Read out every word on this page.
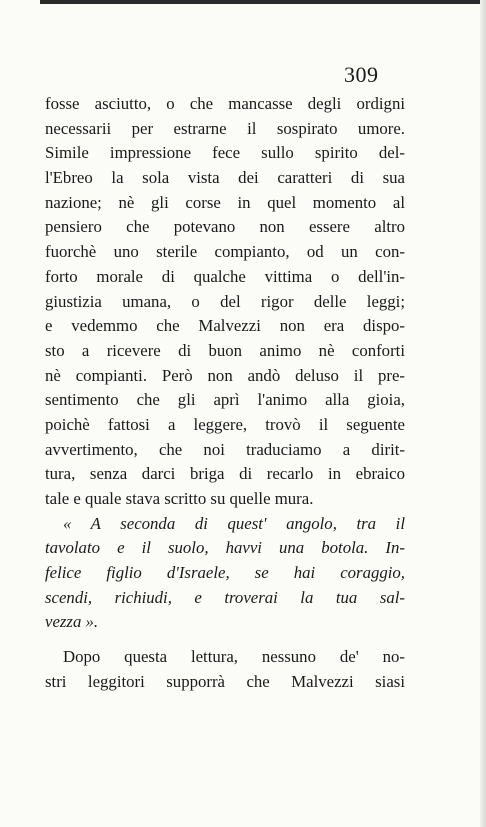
309
fosse asciutto, o che mancasse degli ordigni
necessarii per estrarne il sospirato umore.
Simile impressione fece sullo spirito del-
l'Ebreo la sola vista dei caratteri di sua
nazione; nè gli corse in quel momento al
pensiero che potevano non essere altro
fuorchè uno sterile compianto, od un con-
forto morale di qualche vittima o dell'in-
giustizia umana, o del rigor delle leggi;
e vedemmo che Malvezzi non era dispo-
sto a ricevere di buon animo nè conforti
nè compianti. Però non andò deluso il pre-
sentimento che gli aprì l'animo alla gioia,
poichè fattosi a leggere, trovò il seguente
avvertimento, che noi traduciamo a dirit-
tura, senza darci briga di recarlo in ebraico
tale e quale stava scritto su quelle mura.
« A seconda di quest' angolo, tra il
tavolato e il suolo, havvi una botola. In-
felice figlio d'Israele, se hai coraggio,
scendi, richiudi, e troverai la tua sal-
vezza ».
Dopo questa lettura, nessuno de' no-
stri leggitori supporrà che Malvezzi siasi
